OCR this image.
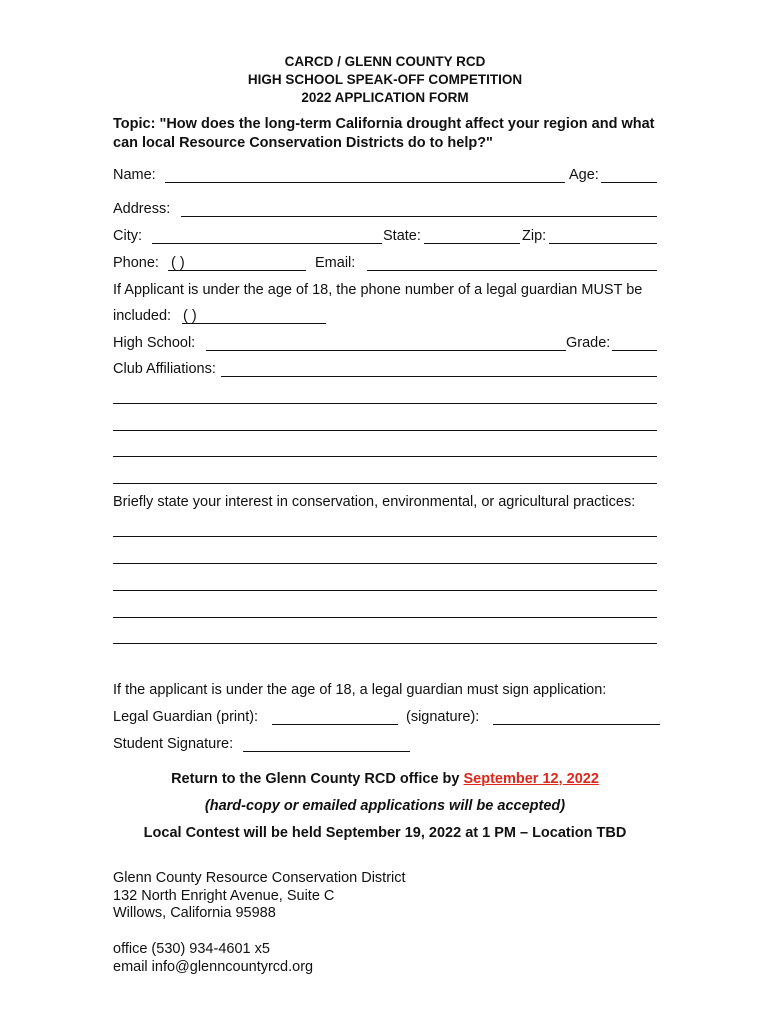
CARCD / GLENN COUNTY RCD
HIGH SCHOOL SPEAK-OFF COMPETITION
2022 APPLICATION FORM
Topic: "How does the long-term California drought affect your region and what
can local Resource Conservation Districts do to help?"
Name:	Age:
Address:
City:	State:	Zip:
Phone: ( )	Email:
If Applicant is under the age of 18, the phone number of a legal guardian MUST be
included: ( )
High School:	Grade:
Club Affiliations:
Briefly state your interest in conservation, environmental, or agricultural practices:
If the applicant is under the age of 18, a legal guardian must sign application:
Legal Guardian (print):	(signature):
Student Signature:
Return to the Glenn County RCD office by September 12, 2022
(hard-copy or emailed applications will be accepted)
Local Contest will be held September 19, 2022 at 1 PM – Location TBD
Glenn County Resource Conservation District
132 North Enright Avenue, Suite C
Willows, California 95988
office (530) 934-4601 x5
email info@glenncountyrcd.org
